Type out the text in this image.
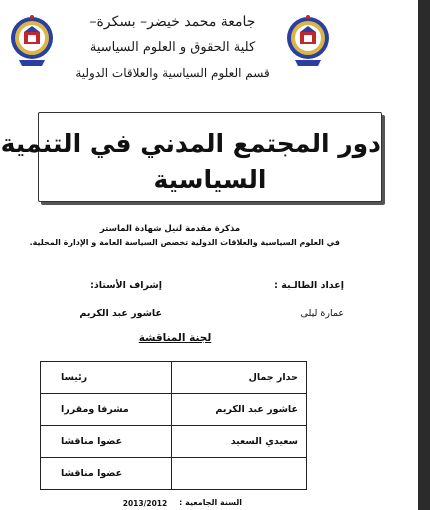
جامعة محمد خيضر– بسكرة–
كلية الحقوق و العلوم السياسية
قسم العلوم السياسية والعلاقات الدولية
دور المجتمع المدني في التنمية
السياسية
مذكرة مقدمة لنيل شهادة الماستر
في العلوم السياسية والعلاقات الدولية تخصص السياسة العامة و الإدارة المحلية.
إعداد الطالـبة :
إشراف الأستاذ:
عمارة ليلى
عاشور عبد الكريم
لجنة المناقشة
حدار جمال	رئيسا
عاشور عبد الكريم	مشرفا ومقررا
سعيدي السعيد	عضوا مناقشا
	عضوا مناقشا
السنة الجامعية :
2013/2012
